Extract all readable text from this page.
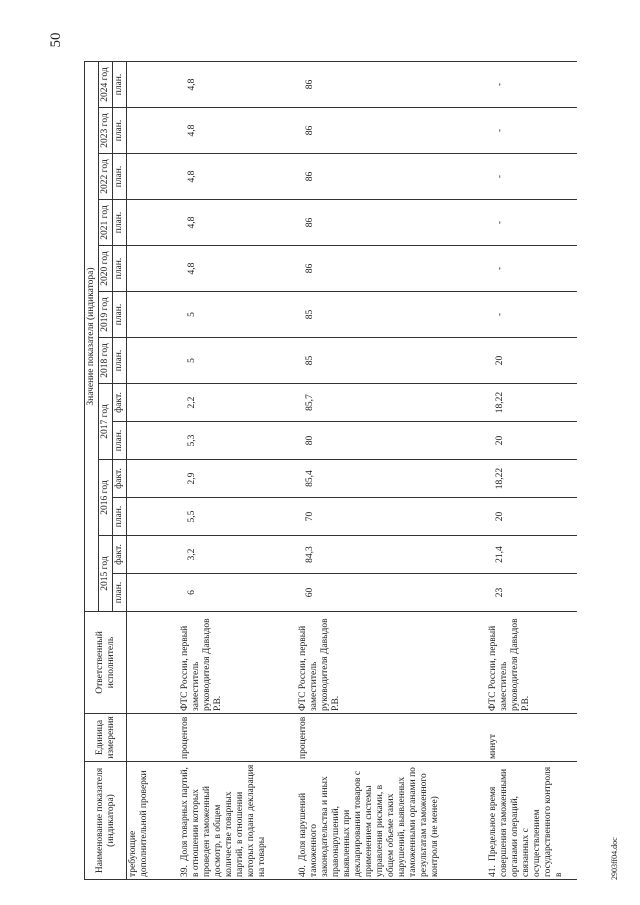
50
Наименование показателя (индикатора)	Единица измерения	Ответственный исполнитель	Значение показателя (индикатора)												
			2015 год		2016 год		2017 год		2018 год	2019 год	2020 год	2021 год	2022 год	2023 год	2024 год
			план.	факт.	план.	факт.	план.	факт.	план.	план.	план.	план.	план.	план.	план.
требующие дополнительной проверки															
39.Доля товарных партий, в отношении которых проведен таможенный досмотр, в общем количестве товарных партий, в отношении которых подана декларация на товары	процентов	ФТС России, первый заместитель руководителя Давыдов Р.В.	6	3,2	5,5	2,9	5,3	2,2	5	5	4,8	4,8	4,8	4,8	4,8
40.Доля нарушений таможенного законодательства и иных правонарушений, выявленных при декларировании товаров с применением системы управления рисками, в общем объеме таких нарушений, выявленных таможенными органами по результатам таможенного контроля (не менее)	процентов	ФТС России, первый заместитель руководителя Давыдов Р.В.	60	84,3	70	85,4	80	85,7	85	85	86	86	86	86	86
41.Предельное время совершения таможенными органами операций, связанных с осуществлением государственного контроля в	минут	ФТС России, первый заместитель руководителя Давыдов Р.В.	23	21,4	20	18,22	20	18,22	20	-	-	-	-	-	-
2903ff04.doc
